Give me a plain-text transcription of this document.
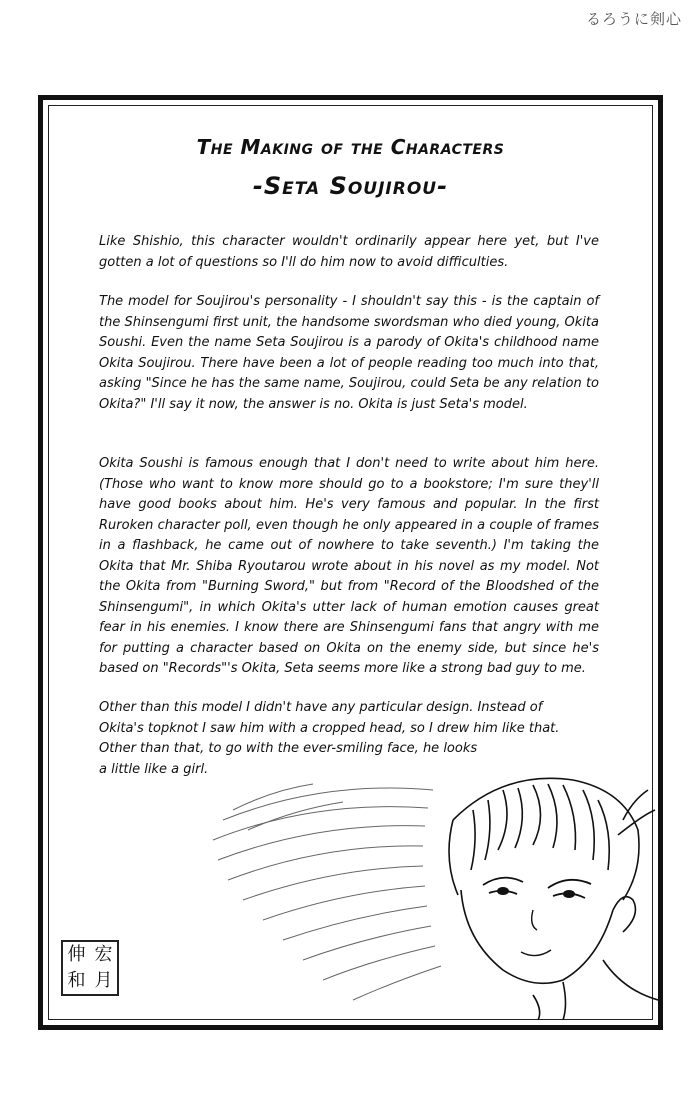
るろうに剣心
The Making of the Characters
-Seta Soujirou-

Like Shishio, this character wouldn't ordinarily appear here yet, but I've gotten a lot of questions so I'll do him now to avoid difficulties.

The model for Soujirou's personality - I shouldn't say this - is the captain of the Shinsengumi first unit, the handsome swordsman who died young, Okita Soushi. Even the name Seta Soujirou is a parody of Okita's childhood name Okita Soujirou. There have been a lot of people reading too much into that, asking "Since he has the same name, Soujirou, could Seta be any relation to Okita?" I'll say it now, the answer is no. Okita is just Seta's model.

Okita Soushi is famous enough that I don't need to write about him here. (Those who want to know more should go to a bookstore; I'm sure they'll have good books about him. He's very famous and popular. In the first Ruroken character poll, even though he only appeared in a couple of frames in a flashback, he came out of nowhere to take seventh.) I'm taking the Okita that Mr. Shiba Ryoutarou wrote about in his novel as my model. Not the Okita from "Burning Sword," but from "Record of the Bloodshed of the Shinsengumi", in which Okita's utter lack of human emotion causes great fear in his enemies. I know there are Shinsengumi fans that angry with me for putting a character based on Okita on the enemy side, but since he's based on "Records"'s Okita, Seta seems more like a strong bad guy to me.

Other than this model I didn't have any particular design. Instead of
Okita's topknot I saw him with a cropped head, so I drew him like that.
Other than that, to go with the ever-smiling face, he looks
a little like a girl.

伸 宏
和 月
